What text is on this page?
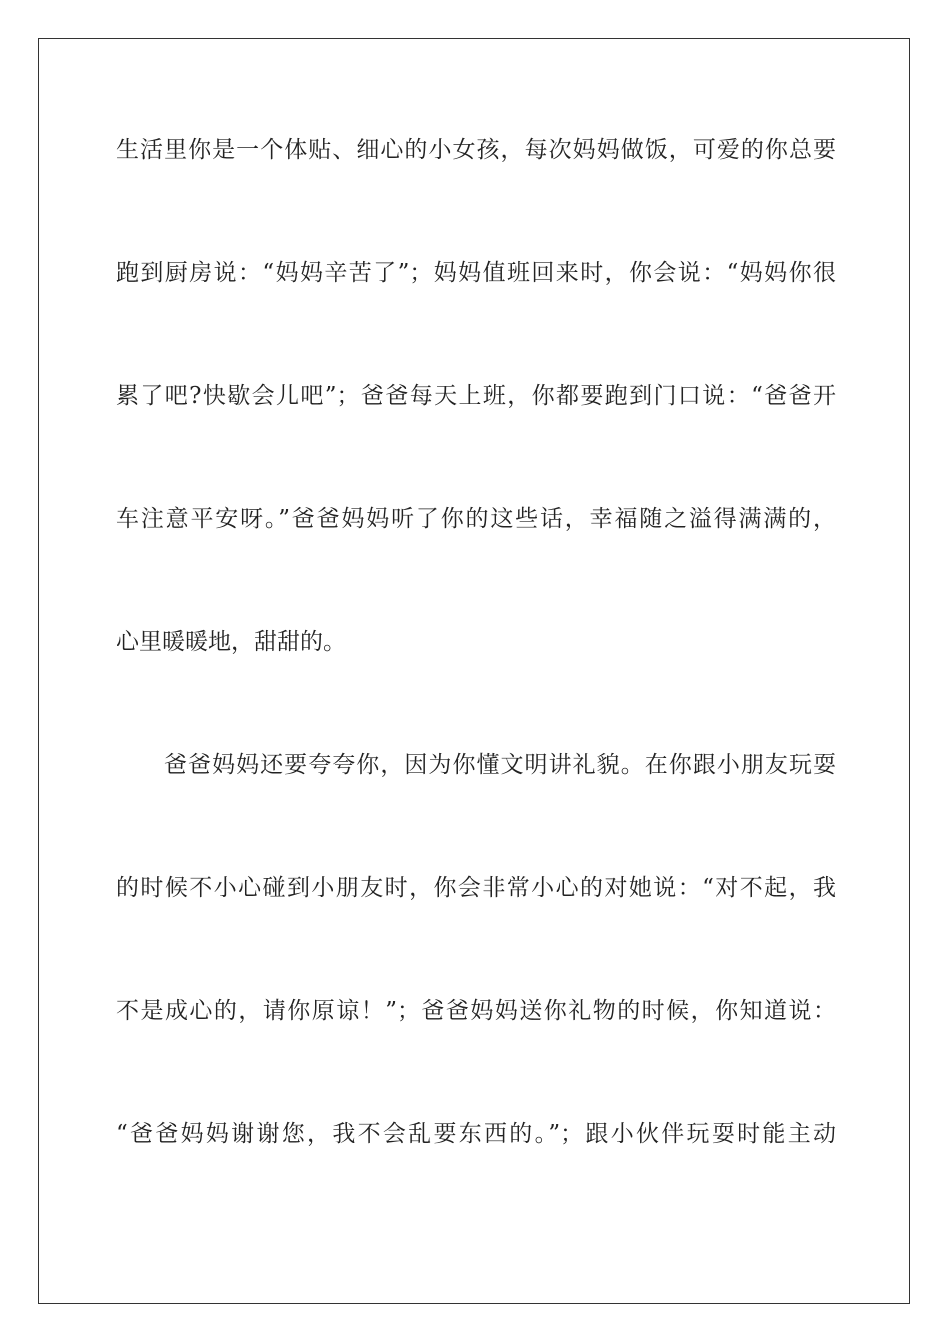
生活里你是一个体贴、细心的小女孩，每次妈妈做饭，可爱的你总要
跑到厨房说：“妈妈辛苦了”；妈妈值班回来时，你会说：“妈妈你很
累了吧?快歇会儿吧”；爸爸每天上班，你都要跑到门口说：“爸爸开
车注意平安呀。”爸爸妈妈听了你的这些话，幸福随之溢得满满的，
心里暖暖地，甜甜的。
爸爸妈妈还要夸夸你，因为你懂文明讲礼貌。在你跟小朋友玩耍
的时候不小心碰到小朋友时，你会非常小心的对她说：“对不起，我
不是成心的，请你原谅！”；爸爸妈妈送你礼物的时候，你知道说：
“爸爸妈妈谢谢您，我不会乱要东西的。”；跟小伙伴玩耍时能主动
